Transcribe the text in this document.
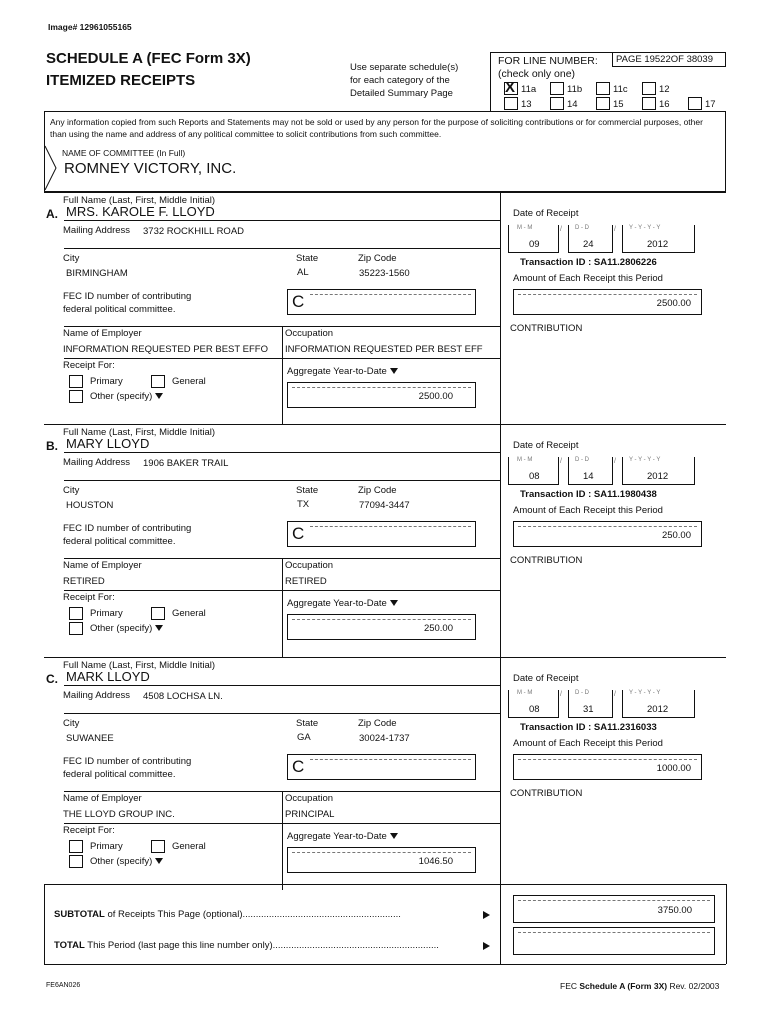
Image# 12961055165
SCHEDULE A (FEC Form 3X)
ITEMIZED RECEIPTS
Use separate schedule(s)
for each category of the
Detailed Summary Page
FOR LINE NUMBER:	PAGE 19522OF 38039
(check only one)
X 11a	11b	11c	12
13	14	15	16	17
Any information copied from such Reports and Statements may not be sold or used by any person for the purpose of soliciting contributions or for commercial purposes, other than using the name and address of any political committee to solicit contributions from such committee.
NAME OF COMMITTEE (In Full)
ROMNEY VICTORY, INC.
Full Name (Last, First, Middle Initial)
A. MRS. KAROLE F. LLOYD
Mailing Address 3732 ROCKHILL ROAD
City	State	Zip Code
BIRMINGHAM	AL	35223-1560
FEC ID number of contributing
federal political committee.	C
Name of Employer	Occupation
INFORMATION REQUESTED PER BEST EFFO	INFORMATION REQUESTED PER BEST EFF
Receipt For:
Primary	General
Other (specify)
Aggregate Year-to-Date
2500.00
Date of Receipt
M - M
09
/ D - D
24
/ Y - Y - Y - Y
2012
Transaction ID : SA11.2806226
Amount of Each Receipt this Period
2500.00
CONTRIBUTION
Full Name (Last, First, Middle Initial)
B. MARY LLOYD
Mailing Address 1906 BAKER TRAIL
City	State	Zip Code
HOUSTON	TX	77094-3447
FEC ID number of contributing
federal political committee.	C
Name of Employer	Occupation
RETIRED	RETIRED
Receipt For:
Primary	General
Other (specify)
Aggregate Year-to-Date
250.00
Date of Receipt
M - M
08
/ D - D
14
/ Y - Y - Y - Y
2012
Transaction ID : SA11.1980438
Amount of Each Receipt this Period
250.00
CONTRIBUTION
Full Name (Last, First, Middle Initial)
C. MARK LLOYD
Mailing Address 4508 LOCHSA LN.
City	State	Zip Code
SUWANEE	GA	30024-1737
FEC ID number of contributing
federal political committee.	C
Name of Employer	Occupation
THE LLOYD GROUP INC.	PRINCIPAL
Receipt For:
Primary	General
Other (specify)
Aggregate Year-to-Date
1046.50
Date of Receipt
M - M
08
/ D - D
31
/ Y - Y - Y - Y
2012
Transaction ID : SA11.2316033
Amount of Each Receipt this Period
1000.00
CONTRIBUTION
SUBTOTAL of Receipts This Page (optional)............................................................	3750.00
TOTAL This Period (last page this line number only)...............................................................
FE6AN026	FEC Schedule A (Form 3X) Rev. 02/2003
